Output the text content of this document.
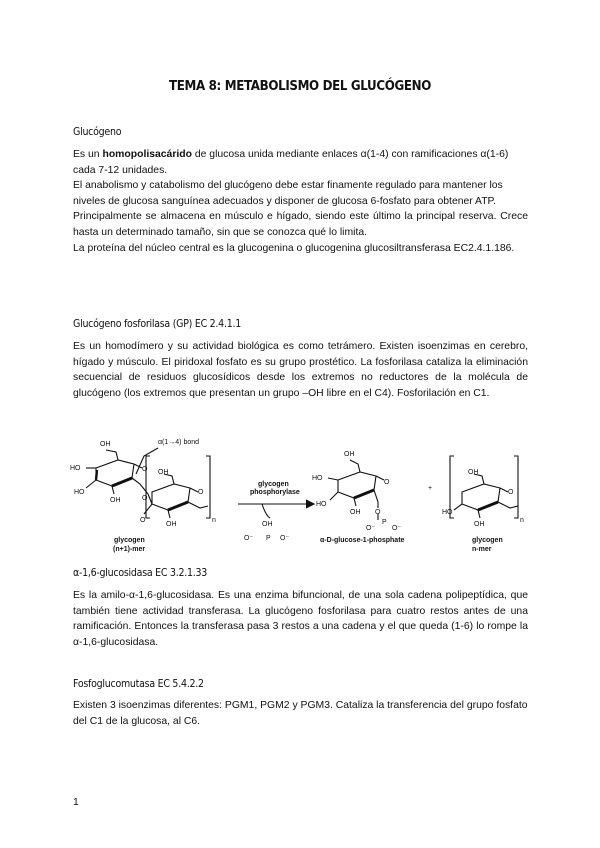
TEMA 8: METABOLISMO DEL GLUCÓGENO
Glucógeno

Es un homopolisacárido de glucosa unida mediante enlaces α(1-4) con ramificaciones α(1-6) cada 7-12 unidades.

El anabolismo y catabolismo del glucógeno debe estar finamente regulado para mantener los niveles de glucosa sanguínea adecuados y disponer de glucosa 6-fosfato para obtener ATP.

Principalmente se almacena en músculo e hígado, siendo este último la principal reserva. Crece hasta un determinado tamaño, sin que se conozca qué lo limita.

La proteína del núcleo central es la glucogenina o glucogenina glucosiltransferasa EC2.4.1.186.

Glucógeno fosforilasa (GP) EC 2.4.1.1

Es un homodímero y su actividad biológica es como tetrámero. Existen isoenzimas en cerebro, hígado y músculo. El piridoxal fosfato es su grupo prostético. La fosforilasa cataliza la eliminación secuencial de residuos glucosídicos desde los extremos no reductores de la molécula de glucógeno (los extremos que presentan un grupo –OH libre en el C4). Fosforilación en C1.

OH
HO
HO
OH
O
O
α(1→4) bond
OH
O
OH
O
n
glycogen
(n+1)-mer
glycogen
phosphorylase
OH
O⁻ P O⁻
OH
HO
HO
OH
O
O
P
O⁻ O⁻
α-D-glucose-1-phosphate
+
OH
HO
OH
O
n
glycogen
n-mer
α-1,6-glucosidasa EC 3.2.1.33

Es la amilo-α-1,6-glucosidasa. Es una enzima bifuncional, de una sola cadena polipeptídica, que también tiene actividad transferasa. La glucógeno fosforilasa para cuatro restos antes de una ramificación. Entonces la transferasa pasa 3 restos a una cadena y el que queda (1-6) lo rompe la α-1,6-glucosidasa.

Fosfoglucomutasa EC 5.4.2.2

Existen 3 isoenzimas diferentes: PGM1, PGM2 y PGM3. Cataliza la transferencia del grupo fosfato del C1 de la glucosa, al C6.

1
